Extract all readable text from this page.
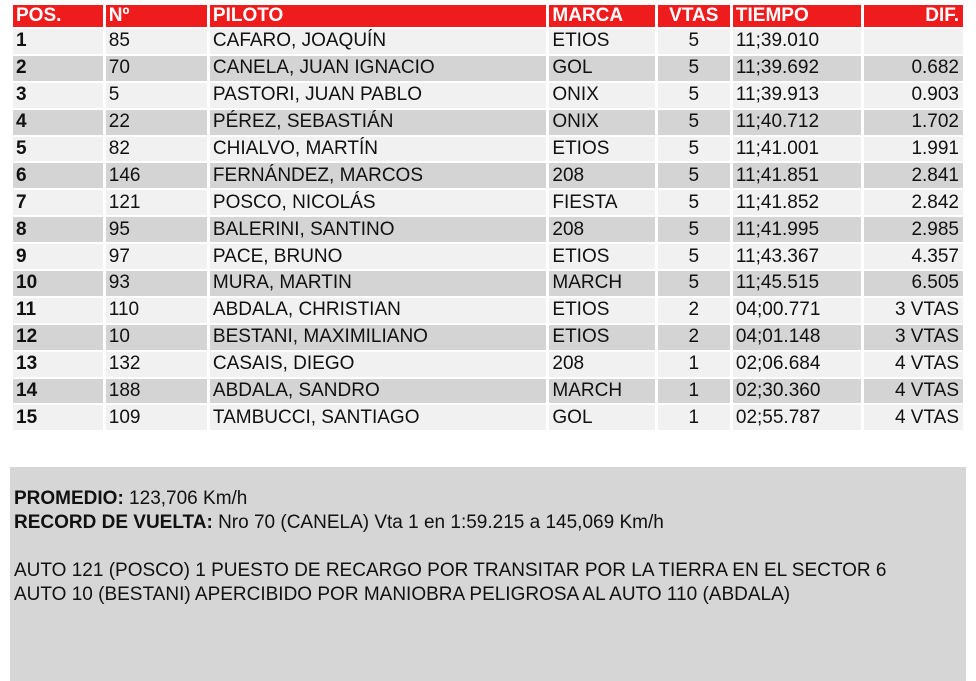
POS.	Nº	PILOTO	MARCA	VTAS	TIEMPO	DIF.
1	85	CAFARO, JOAQUÍN	ETIOS	5	11;39.010	
2	70	CANELA, JUAN IGNACIO	GOL	5	11;39.692	0.682
3	5	PASTORI, JUAN PABLO	ONIX	5	11;39.913	0.903
4	22	PÉREZ, SEBASTIÁN	ONIX	5	11;40.712	1.702
5	82	CHIALVO, MARTÍN	ETIOS	5	11;41.001	1.991
6	146	FERNÁNDEZ, MARCOS	208	5	11;41.851	2.841
7	121	POSCO, NICOLÁS	FIESTA	5	11;41.852	2.842
8	95	BALERINI, SANTINO	208	5	11;41.995	2.985
9	97	PACE, BRUNO	ETIOS	5	11;43.367	4.357
10	93	MURA, MARTIN	MARCH	5	11;45.515	6.505
11	110	ABDALA, CHRISTIAN	ETIOS	2	04;00.771	3 VTAS
12	10	BESTANI, MAXIMILIANO	ETIOS	2	04;01.148	3 VTAS
13	132	CASAIS, DIEGO	208	1	02;06.684	4 VTAS
14	188	ABDALA, SANDRO	MARCH	1	02;30.360	4 VTAS
15	109	TAMBUCCI, SANTIAGO	GOL	1	02;55.787	4 VTAS
PROMEDIO: 123,706 Km/h
RECORD DE VUELTA: Nro 70 (CANELA) Vta 1 en 1:59.215 a 145,069 Km/h
AUTO 121 (POSCO) 1 PUESTO DE RECARGO POR TRANSITAR POR LA TIERRA EN EL SECTOR 6
AUTO 10 (BESTANI) APERCIBIDO POR MANIOBRA PELIGROSA AL AUTO 110 (ABDALA)
